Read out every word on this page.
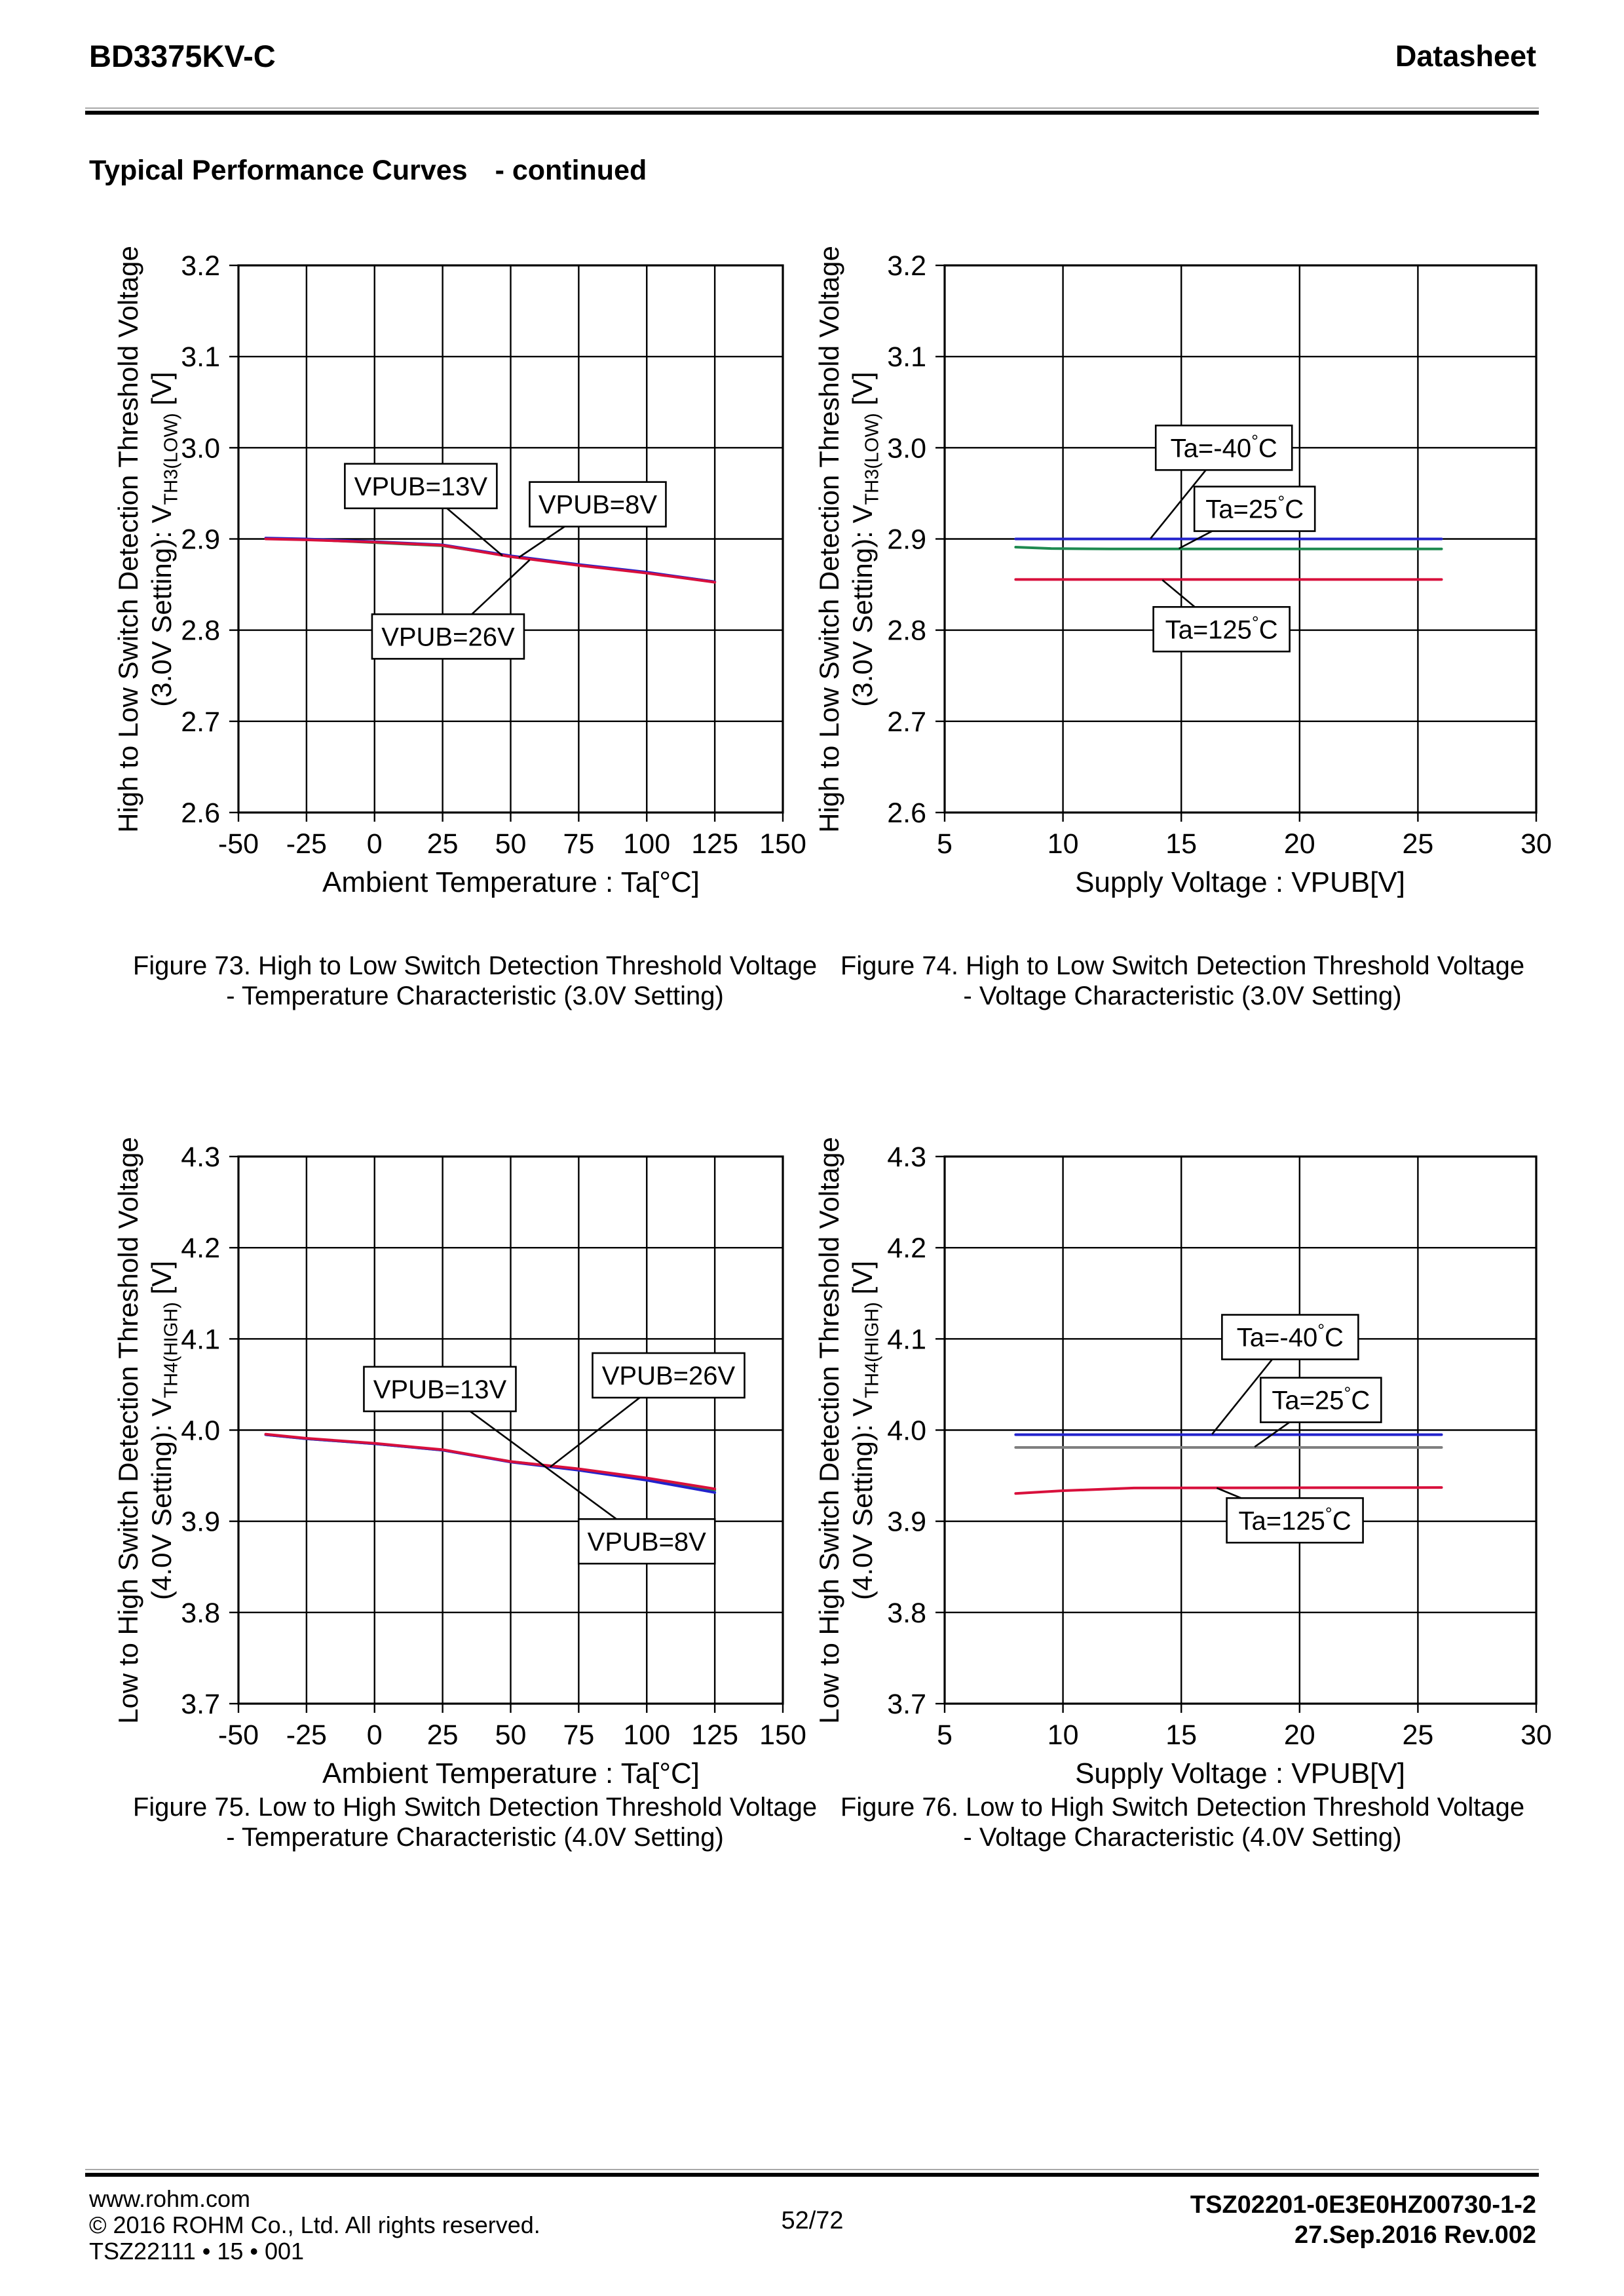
BD3375KV-C	Datasheet
Typical Performance Curves - continued
High to Low Switch Detection Threshold Voltage (3.0V Setting): $V_{TH3(LOW)}$ [V]
VPUB=13V
VPUB=8V
VPUB=26V
-50 -25 0 25 50 75 100 125 150
2.6
2.7
2.8
2.9
3.0
3.1
3.2
Ambient Temperature : Ta[°C]
High to Low Switch Detection Threshold Voltage (3.0V Setting): $V_{TH3(LOW)}$ [V]
Ta=-40°C
Ta=25°C
Ta=125°C
5	10	15	20	25	30
2.6
2.7
2.8
2.9
3.0
3.1
3.2
Supply Voltage : VPUB[V]
Figure 73. High to Low Switch Detection Threshold Voltage
- Temperature Characteristic (3.0V Setting)
Figure 74. High to Low Switch Detection Threshold Voltage
- Voltage Characteristic (3.0V Setting)
Low to High Switch Detection Threshold Voltage (4.0V Setting): $V_{TH4(HIGH)}$ [V]
VPUB=13V	VPUB=26V
VPUB=8V
-50 -25 0 25 50 75 100 125 150
3.7
3.8
3.9
4.0
4.1
4.2
4.3
Ambient Temperature : Ta[°C]
Low to High Switch Detection Threshold Voltage (4.0V Setting): $V_{TH4(HIGH)}$ [V]
Ta=-40°C
Ta=25°C
Ta=125°C
5	10	15	20	25	30
3.7
3.8
3.9
4.0
4.1
4.2
4.3
Supply Voltage : VPUB[V]
Figure 75. Low to High Switch Detection Threshold Voltage
- Temperature Characteristic (4.0V Setting)
Figure 76. Low to High Switch Detection Threshold Voltage
- Voltage Characteristic (4.0V Setting)
www.rohm.com
© 2016 ROHM Co., Ltd. All rights reserved.
TSZ22111 • 15 • 001
52/72
TSZ02201-0E3E0HZ00730-1-2
27.Sep.2016 Rev.002
